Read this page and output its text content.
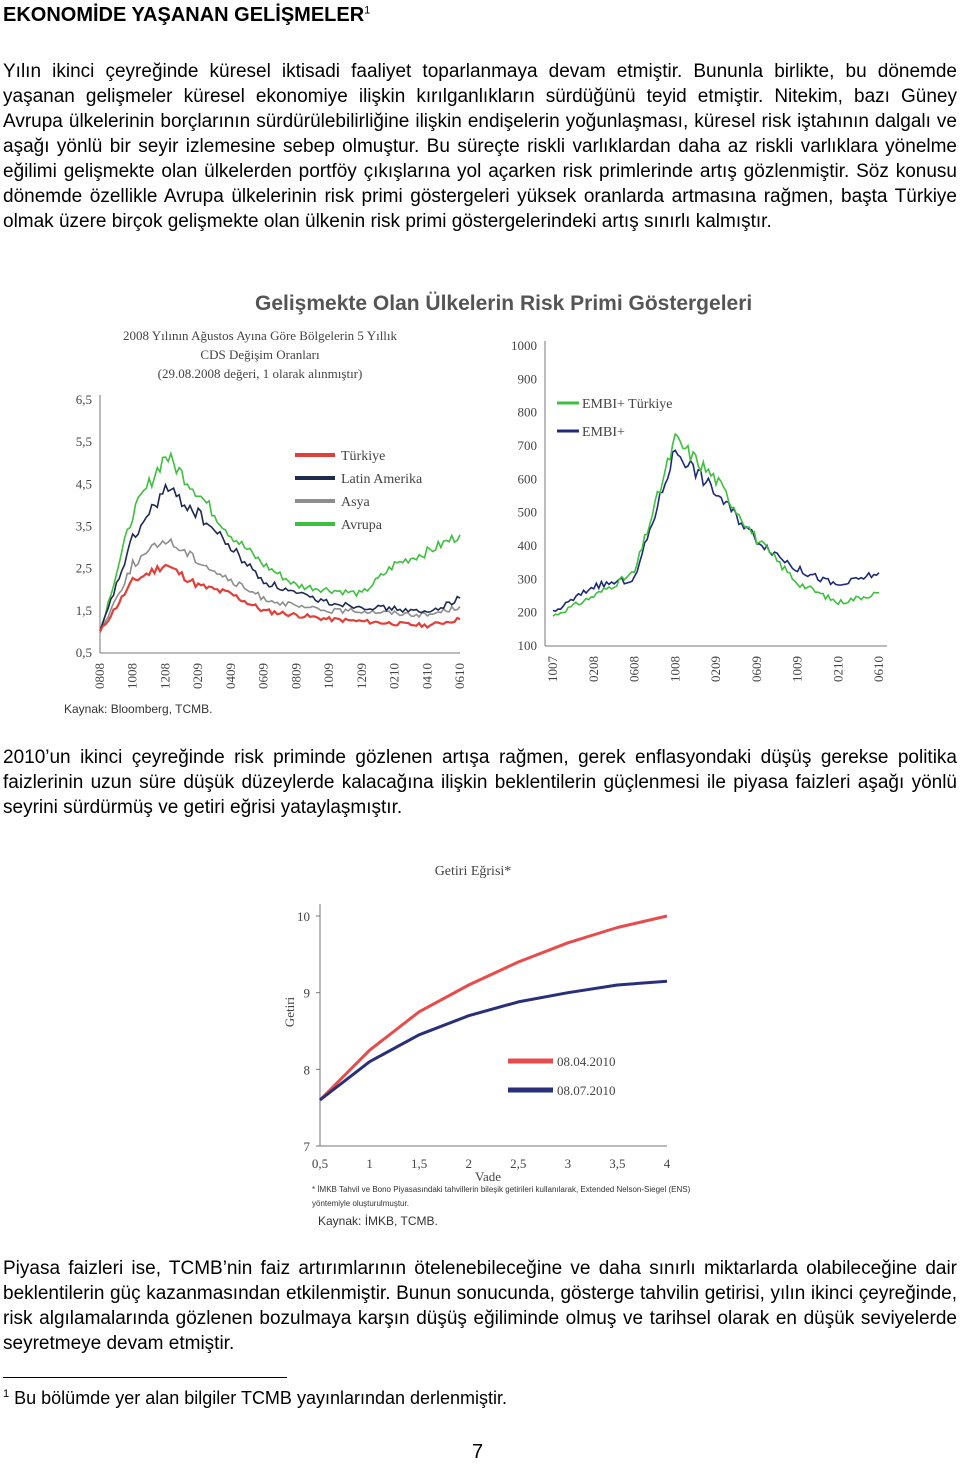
EKONOMİDE YAŞANAN GELİŞMELER$^1$

Yılın ikinci çeyreğinde küresel iktisadi faaliyet toparlanmaya devam etmiştir. Bununla birlikte, bu dönemde yaşanan gelişmeler küresel ekonomiye ilişkin kırılganlıkların sürdüğünü teyid etmiştir. Nitekim, bazı Güney Avrupa ülkelerinin borçlarının sürdürülebilirliğine ilişkin endişelerin yoğunlaşması, küresel risk iştahının dalgalı ve aşağı yönlü bir seyir izlemesine sebep olmuştur. Bu süreçte riskli varlıklardan daha az riskli varlıklara yönelme eğilimi gelişmekte olan ülkelerden portföy çıkışlarına yol açarken risk primlerinde artış gözlenmiştir. Söz konusu dönemde özellikle Avrupa ülkelerinin risk primi göstergeleri yüksek oranlarda artmasına rağmen, başta Türkiye olmak üzere birçok gelişmekte olan ülkenin risk primi göstergelerindeki artış sınırlı kalmıştır.

Gelişmekte Olan Ülkelerin Risk Primi Göstergeleri
2008 Yılının Ağustos Ayına Göre Bölgelerin 5 Yıllık
CDS Değişim Oranları
(29.08.2008 değeri, 1 olarak alınmıştır)
0,5
1,5
2,5
3,5
4,5
5,5
6,5
0808 1008 1208 0209 0409 0609 0809 1009 1209 0210 0410 0610
Türkiye
Latin Amerika
Asya
Avrupa
100
200
300
400
500
600
700
800
900
1000
1007 0208 0608 1008 0209 0609 1009 0210 0610
EMBI+ Türkiye
EMBI+
Kaynak: Bloomberg, TCMB.

2010’un ikinci çeyreğinde risk priminde gözlenen artışa rağmen, gerek enflasyondaki düşüş gerekse politika faizlerinin uzun süre düşük düzeylerde kalacağına ilişkin beklentilerin güçlenmesi ile piyasa faizleri aşağı yönlü seyrini sürdürmüş ve getiri eğrisi yataylaşmıştır.

Getiri Eğrisi*
7
8
9
10
0,5	1	1,5	2	2,5	3	3,5	4
Vade
Getiri
08.04.2010
08.07.2010
* İMKB Tahvil ve Bono Piyasasındaki tahvillerin bileşik getirileri kullanılarak, Extended Nelson-Siegel (ENS) yöntemiyle oluşturulmuştur.
Kaynak: İMKB, TCMB.

Piyasa faizleri ise, TCMB’nin faiz artırımlarının ötelenebileceğine ve daha sınırlı miktarlarda olabileceğine dair beklentilerin güç kazanmasından etkilenmiştir. Bunun sonucunda, gösterge tahvilin getirisi, yılın ikinci çeyreğinde, risk algılamalarında gözlenen bozulmaya karşın düşüş eğiliminde olmuş ve tarihsel olarak en düşük seviyelerde seyretmeye devam etmiştir.

$^1$ Bu bölümde yer alan bilgiler TCMB yayınlarından derlenmiştir.
7
